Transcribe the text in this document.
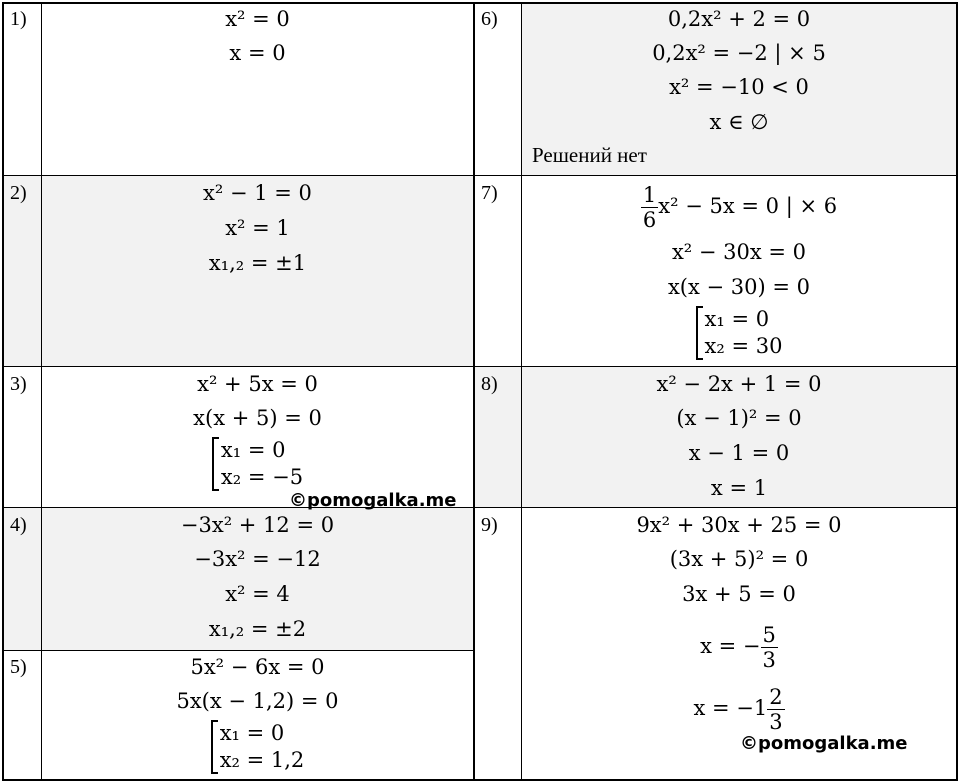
1)
2)
3)
4)
5)
6)
7)
8)
9)
x² = 0
x = 0
x² − 1 = 0
x² = 1
x₁,₂ = ±1
x² + 5x = 0
x(x + 5) = 0
x₁ = 0
x₂ = −5
©pomogalka.me
−3x² + 12 = 0
−3x² = −12
x² = 4
x₁,₂ = ±2
5x² − 6x = 0
5x(x − 1,2) = 0
x₁ = 0
x₂ = 1,2
0,2x² + 2 = 0
0,2x² = −2 | × 5
x² = −10 < 0
x ∈ ∅
Решений нет
$\frac{1}{6} x^2 - 5x = 0$ | × 6
x² − 30x = 0
x(x − 30) = 0
x₁ = 0
x₂ = 30
x² − 2x + 1 = 0
(x − 1)² = 0
x − 1 = 0
x = 1
9x² + 30x + 25 = 0
(3x + 5)² = 0
3x + 5 = 0
x = − $\frac{5}{3}$
$x = -1 \frac{2}{3}$
©pomogalka.me
